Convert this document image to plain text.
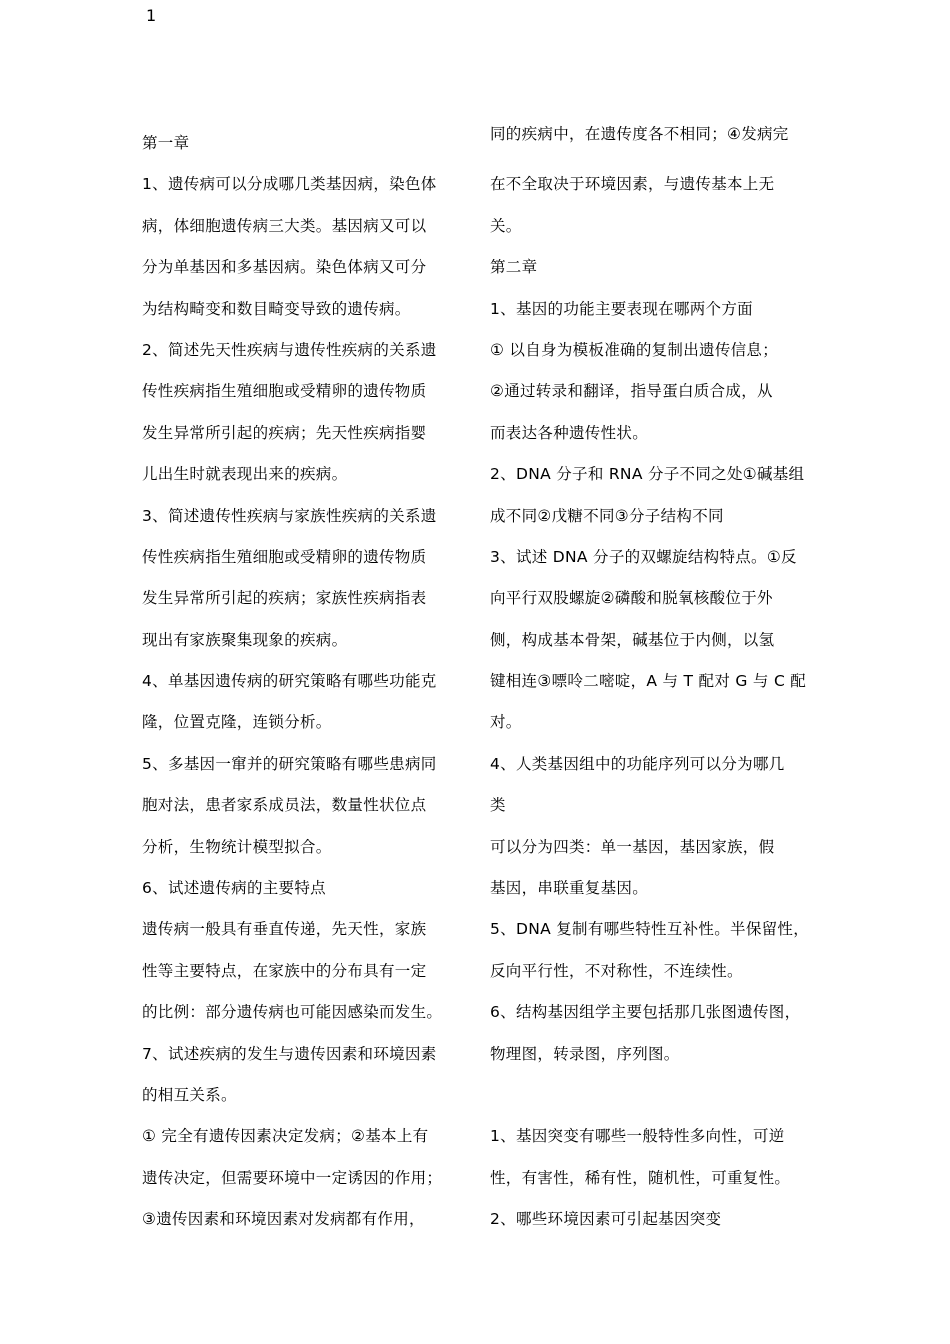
1
第一章
1、遗传病可以分成哪几类基因病，染色体
病，体细胞遗传病三大类。基因病又可以
分为单基因和多基因病。染色体病又可分
为结构畸变和数目畸变导致的遗传病。
2、简述先天性疾病与遗传性疾病的关系遗
传性疾病指生殖细胞或受精卵的遗传物质
发生异常所引起的疾病；先天性疾病指婴
儿出生时就表现出来的疾病。
3、简述遗传性疾病与家族性疾病的关系遗
传性疾病指生殖细胞或受精卵的遗传物质
发生异常所引起的疾病；家族性疾病指表
现出有家族聚集现象的疾病。
4、单基因遗传病的研究策略有哪些功能克
隆，位置克隆，连锁分析。
5、多基因一窜并的研究策略有哪些患病同
胞对法，患者家系成员法，数量性状位点
分析，生物统计模型拟合。
6、试述遗传病的主要特点
遗传病一般具有垂直传递，先天性，家族
性等主要特点，在家族中的分布具有一定
的比例：部分遗传病也可能因感染而发生。
7、试述疾病的发生与遗传因素和环境因素
的相互关系。
① 完全有遗传因素决定发病；②基本上有
遗传决定，但需要环境中一定诱因的作用；
③遗传因素和环境因素对发病都有作用，
同的疾病中，在遗传度各不相同；④发病完
在不全取决于环境因素，与遗传基本上无
关。
第二章
1、基因的功能主要表现在哪两个方面
① 以自身为模板准确的复制出遗传信息；
②通过转录和翻译，指导蛋白质合成，从
而表达各种遗传性状。
2、DNA 分子和 RNA 分子不同之处①碱基组
成不同②戊糖不同③分子结构不同
3、试述 DNA 分子的双螺旋结构特点。①反
向平行双股螺旋②磷酸和脱氧核酸位于外
侧，构成基本骨架，碱基位于内侧，以氢
键相连③嘌呤二嘧啶，A 与 T 配对 G 与 C 配
对。
4、人类基因组中的功能序列可以分为哪几
类
可以分为四类：单一基因，基因家族，假
基因，串联重复基因。
5、DNA 复制有哪些特性互补性。半保留性，
反向平行性，不对称性，不连续性。
6、结构基因组学主要包括那几张图遗传图，
物理图，转录图，序列图。
1、基因突变有哪些一般特性多向性，可逆
性，有害性，稀有性，随机性，可重复性。
2、哪些环境因素可引起基因突变
